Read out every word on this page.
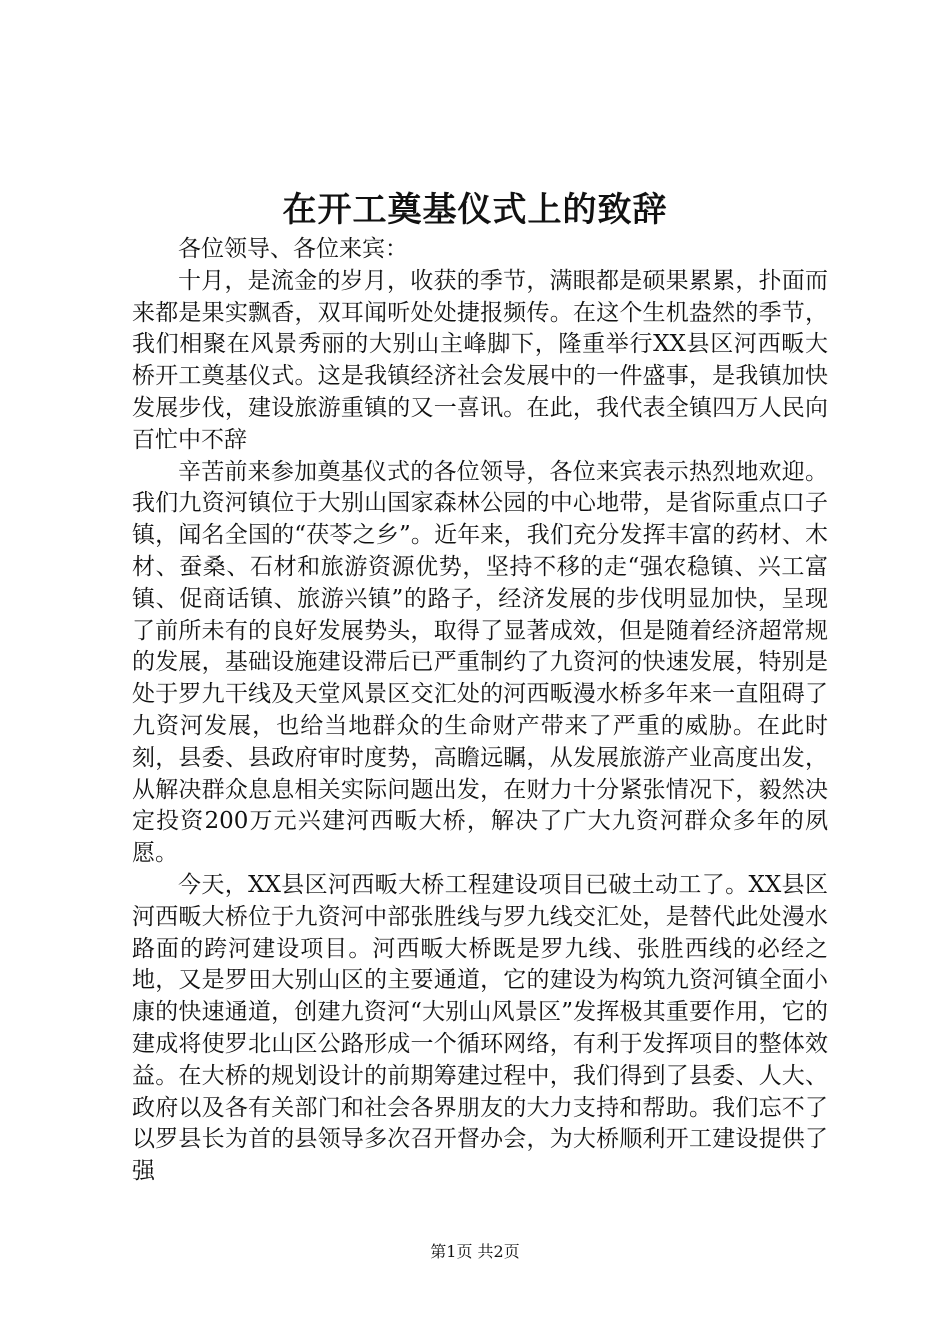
在开工奠基仪式上的致辞

各位领导、各位来宾：

十月，是流金的岁月，收获的季节，满眼都是硕果累累，扑面而来都是果实飘香，双耳闻听处处捷报频传。在这个生机盎然的季节，我们相聚在风景秀丽的大别山主峰脚下，隆重举行XX县区河西畈大桥开工奠基仪式。这是我镇经济社会发展中的一件盛事，是我镇加快发展步伐，建设旅游重镇的又一喜讯。在此，我代表全镇四万人民向百忙中不辞

辛苦前来参加奠基仪式的各位领导，各位来宾表示热烈地欢迎。我们九资河镇位于大别山国家森林公园的中心地带，是省际重点口子镇，闻名全国的“茯苓之乡”。近年来，我们充分发挥丰富的药材、木材、蚕桑、石材和旅游资源优势，坚持不移的走“强农稳镇、兴工富镇、促商话镇、旅游兴镇”的路子，经济发展的步伐明显加快，呈现了前所未有的良好发展势头，取得了显著成效，但是随着经济超常规的发展，基础设施建设滞后已严重制约了九资河的快速发展，特别是处于罗九干线及天堂风景区交汇处的河西畈漫水桥多年来一直阻碍了九资河发展，也给当地群众的生命财产带来了严重的威胁。在此时刻，县委、县政府审时度势，高瞻远瞩，从发展旅游产业高度出发，从解决群众息息相关实际问题出发，在财力十分紧张情况下，毅然决定投资200万元兴建河西畈大桥，解决了广大九资河群众多年的夙愿。

今天，XX县区河西畈大桥工程建设项目已破土动工了。XX县区河西畈大桥位于九资河中部张胜线与罗九线交汇处，是替代此处漫水路面的跨河建设项目。河西畈大桥既是罗九线、张胜西线的必经之地，又是罗田大别山区的主要通道，它的建设为构筑九资河镇全面小康的快速通道，创建九资河“大别山风景区”发挥极其重要作用，它的建成将使罗北山区公路形成一个循环网络，有利于发挥项目的整体效益。在大桥的规划设计的前期筹建过程中，我们得到了县委、人大、政府以及各有关部门和社会各界朋友的大力支持和帮助。我们忘不了以罗县长为首的县领导多次召开督办会，为大桥顺利开工建设提供了强

第1页 共2页
